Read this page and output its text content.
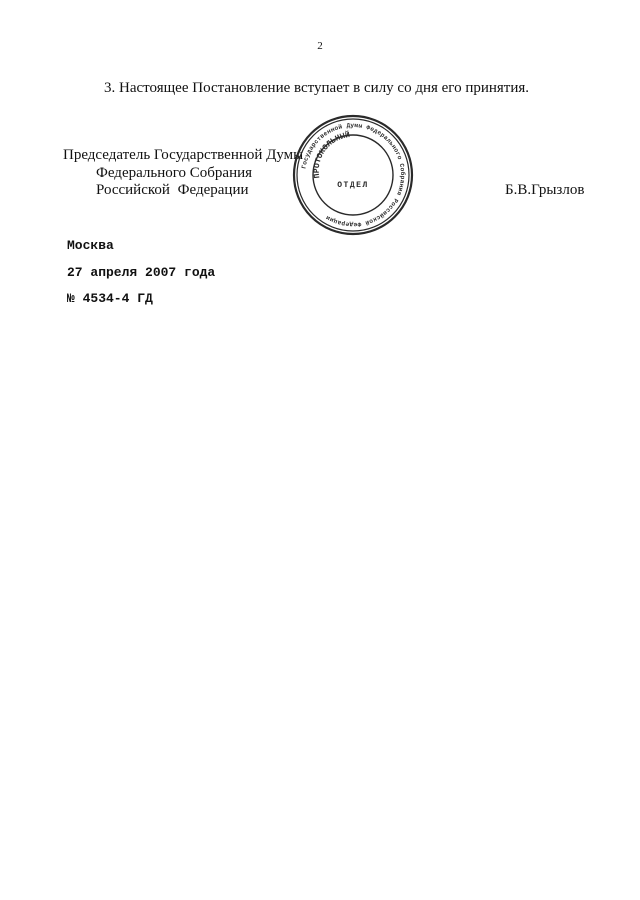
2
3. Настоящее Постановление вступает в силу со дня его принятия.
Председатель Государственной Думы
Федерального Собрания
Российской Федерации	Б.В.Грызлов
Государственной Думы Федерального Собрания Российской Федерации
ПРОТОКОЛЬНЫЙ
ОТДЕЛ
Москва
27 апреля 2007 года
№ 4534-4 ГД
